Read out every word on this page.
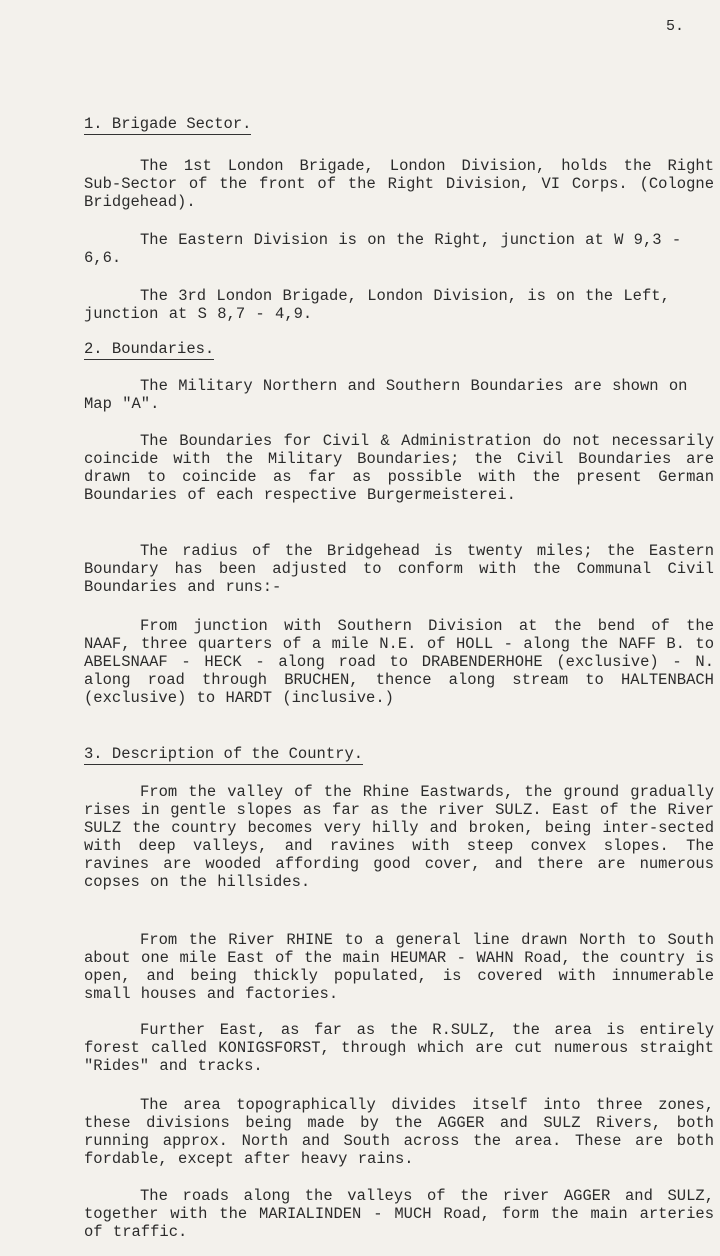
5.
1. Brigade Sector.
The 1st London Brigade, London Division, holds the Right Sub-Sector of the front of the Right Division, VI Corps. (Cologne Bridgehead).
The Eastern Division is on the Right, junction at W 9,3 - 6,6.
The 3rd London Brigade, London Division, is on the Left, junction at S 8,7 - 4,9.
2. Boundaries.
The Military Northern and Southern Boundaries are shown on Map "A".
The Boundaries for Civil & Administration do not necessarily coincide with the Military Boundaries; the Civil Boundaries are drawn to coincide as far as possible with the present German Boundaries of each respective Burgermeisterei.
The radius of the Bridgehead is twenty miles; the Eastern Boundary has been adjusted to conform with the Communal Civil Boundaries and runs:-
From junction with Southern Division at the bend of the NAAF, three quarters of a mile N.E. of HOLL - along the NAFF B. to ABELSNAAF - HECK - along road to DRABENDERHOHE (exclusive) - N. along road through BRUCHEN, thence along stream to HALTENBACH (exclusive) to HARDT (inclusive.)
3. Description of the Country.
From the valley of the Rhine Eastwards, the ground gradually rises in gentle slopes as far as the river SULZ. East of the River SULZ the country becomes very hilly and broken, being inter-sected with deep valleys, and ravines with steep convex slopes. The ravines are wooded affording good cover, and there are numerous copses on the hillsides.
From the River RHINE to a general line drawn North to South about one mile East of the main HEUMAR - WAHN Road, the country is open, and being thickly populated, is covered with innumerable small houses and factories.
Further East, as far as the R.SULZ, the area is entirely forest called KONIGSFORST, through which are cut numerous straight "Rides" and tracks.
The area topographically divides itself into three zones, these divisions being made by the AGGER and SULZ Rivers, both running approx. North and South across the area. These are both fordable, except after heavy rains.
The roads along the valleys of the river AGGER and SULZ, together with the MARIALINDEN - MUCH Road, form the main arteries of traffic.
